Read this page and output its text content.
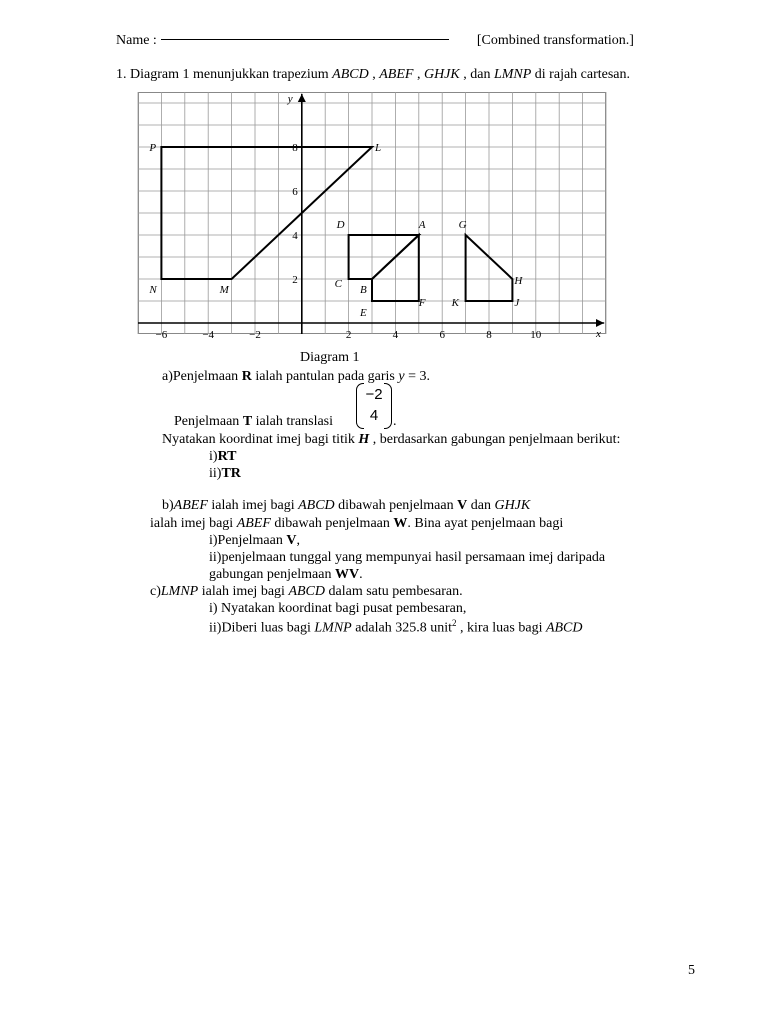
Name :	[Combined transformation.]
1. Diagram 1 menunjukkan trapezium ABCD , ABEF , GHJK , dan LMNP di rajah cartesan.
x
y
−6	−4	−2	2	4	6	8	10
2
4
6
8
P	L
N	M
D	A
C B
E
F
G
H
K	J
Diagram 1
a)Penjelmaan R ialah pantulan pada garis y = 3.
Penjelmaan T ialah translasi
−2
4	.
Nyatakan koordinat imej bagi titik H , berdasarkan gabungan penjelmaan berikut:
i)RT
ii)TR
b)ABEF ialah imej bagi ABCD dibawah penjelmaan V dan GHJK
ialah imej bagi ABEF dibawah penjelmaan W. Bina ayat penjelmaan bagi
i)Penjelmaan V,
ii)penjelmaan tunggal yang mempunyai hasil persamaan imej daripada
gabungan penjelmaan WV.
c)LMNP ialah imej bagi ABCD dalam satu pembesaran.
i) Nyatakan koordinat bagi pusat pembesaran,
ii)Diberi luas bagi LMNP adalah 325.8 unit$^2$ , kira luas bagi ABCD
5
